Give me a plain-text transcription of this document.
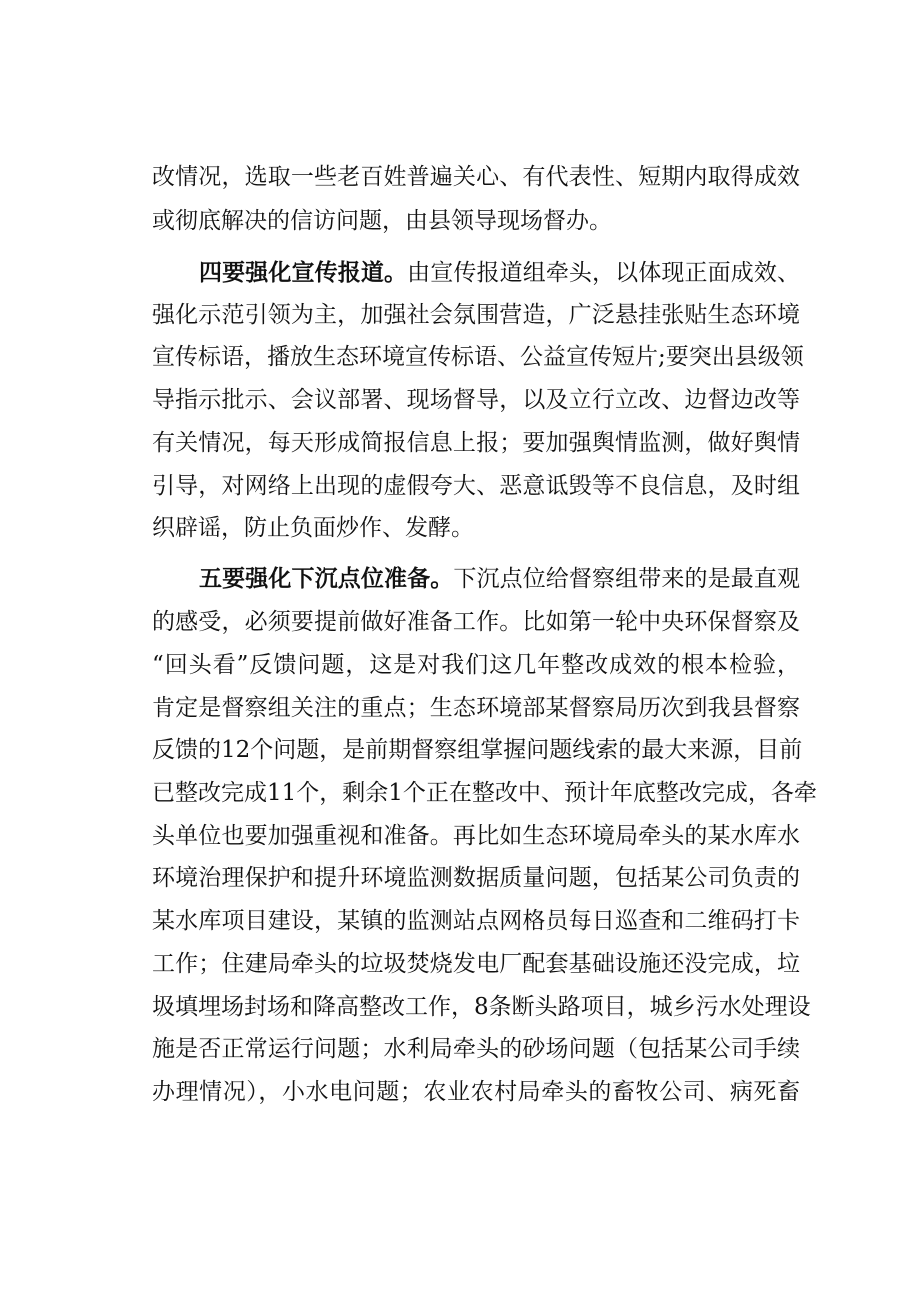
改情况，选取一些老百姓普遍关心、有代表性、短期内取得成效
或彻底解决的信访问题，由县领导现场督办。
四要强化宣传报道。由宣传报道组牵头，以体现正面成效、
强化示范引领为主，加强社会氛围营造，广泛悬挂张贴生态环境
宣传标语，播放生态环境宣传标语、公益宣传短片;要突出县级领
导指示批示、会议部署、现场督导，以及立行立改、边督边改等
有关情况，每天形成简报信息上报；要加强舆情监测，做好舆情
引导，对网络上出现的虚假夸大、恶意诋毁等不良信息，及时组
织辟谣，防止负面炒作、发酵。
五要强化下沉点位准备。下沉点位给督察组带来的是最直观
的感受，必须要提前做好准备工作。比如第一轮中央环保督察及
“回头看”反馈问题，这是对我们这几年整改成效的根本检验，
肯定是督察组关注的重点；生态环境部某督察局历次到我县督察
反馈的12个问题，是前期督察组掌握问题线索的最大来源，目前
已整改完成11个，剩余1个正在整改中、预计年底整改完成，各牵
头单位也要加强重视和准备。再比如生态环境局牵头的某水库水
环境治理保护和提升环境监测数据质量问题，包括某公司负责的
某水库项目建设，某镇的监测站点网格员每日巡查和二维码打卡
工作；住建局牵头的垃圾焚烧发电厂配套基础设施还没完成，垃
圾填埋场封场和降高整改工作，8条断头路项目，城乡污水处理设
施是否正常运行问题；水利局牵头的砂场问题（包括某公司手续
办理情况），小水电问题；农业农村局牵头的畜牧公司、病死畜
